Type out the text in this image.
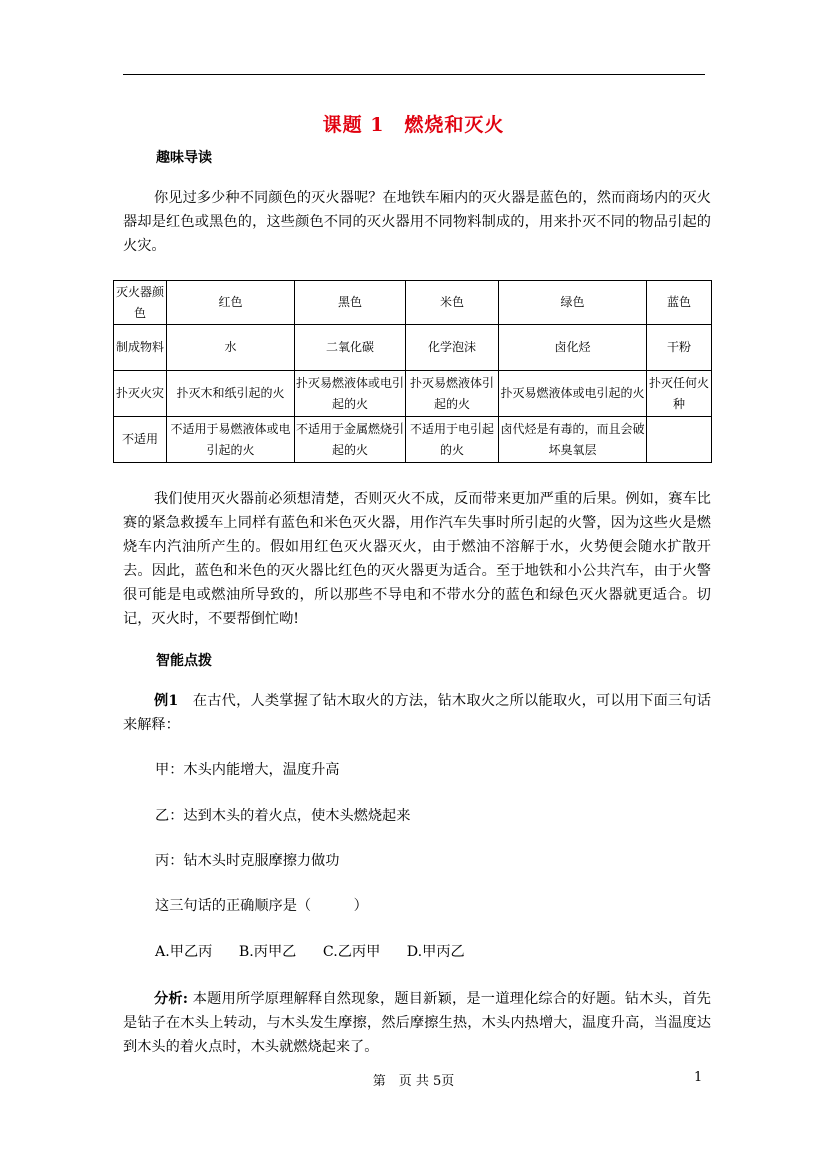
课题 1　燃烧和灭火
趣味导读

你见过多少种不同颜色的灭火器呢？在地铁车厢内的灭火器是蓝色的，然而商场内的灭火器却是红色或黑色的，这些颜色不同的灭火器用不同物料制成的，用来扑灭不同的物品引起的火灾。

灭火器颜色	红色	黑色	米色	绿色	蓝色
制成物料	水	二氧化碳	化学泡沫	卤化烃	干粉
扑灭火灾	扑灭木和纸引起的火	扑灭易燃液体或电引起的火	扑灭易燃液体引起的火	扑灭易燃液体或电引起的火	扑灭任何火种
不适用	不适用于易燃液体或电引起的火	不适用于金属燃烧引起的火	不适用于电引起的火	卤代烃是有毒的，而且会破坏臭氧层	

我们使用灭火器前必须想清楚，否则灭火不成，反而带来更加严重的后果。例如，赛车比赛的紧急救援车上同样有蓝色和米色灭火器，用作汽车失事时所引起的火警，因为这些火是燃烧车内汽油所产生的。假如用红色灭火器灭火，由于燃油不溶解于水，火势便会随水扩散开去。因此，蓝色和米色的灭火器比红色的灭火器更为适合。至于地铁和小公共汽车，由于火警很可能是电或燃油所导致的，所以那些不导电和不带水分的蓝色和绿色灭火器就更适合。切记，灭火时，不要帮倒忙呦!

智能点拨

例1　在古代，人类掌握了钻木取火的方法，钻木取火之所以能取火，可以用下面三句话来解释：

甲：木头内能增大，温度升高
乙：达到木头的着火点，使木头燃烧起来
丙：钻木头时克服摩擦力做功
这三句话的正确顺序是（　　　）
A.甲乙丙 B.丙甲乙 C.乙丙甲 D.甲丙乙

分析: 本题用所学原理解释自然现象，题目新颖，是一道理化综合的好题。钻木头，首先是钻子在木头上转动，与木头发生摩擦，然后摩擦生热，木头内热增大，温度升高，当温度达到木头的着火点时，木头就燃烧起来了。

第　页 共 5页	1
